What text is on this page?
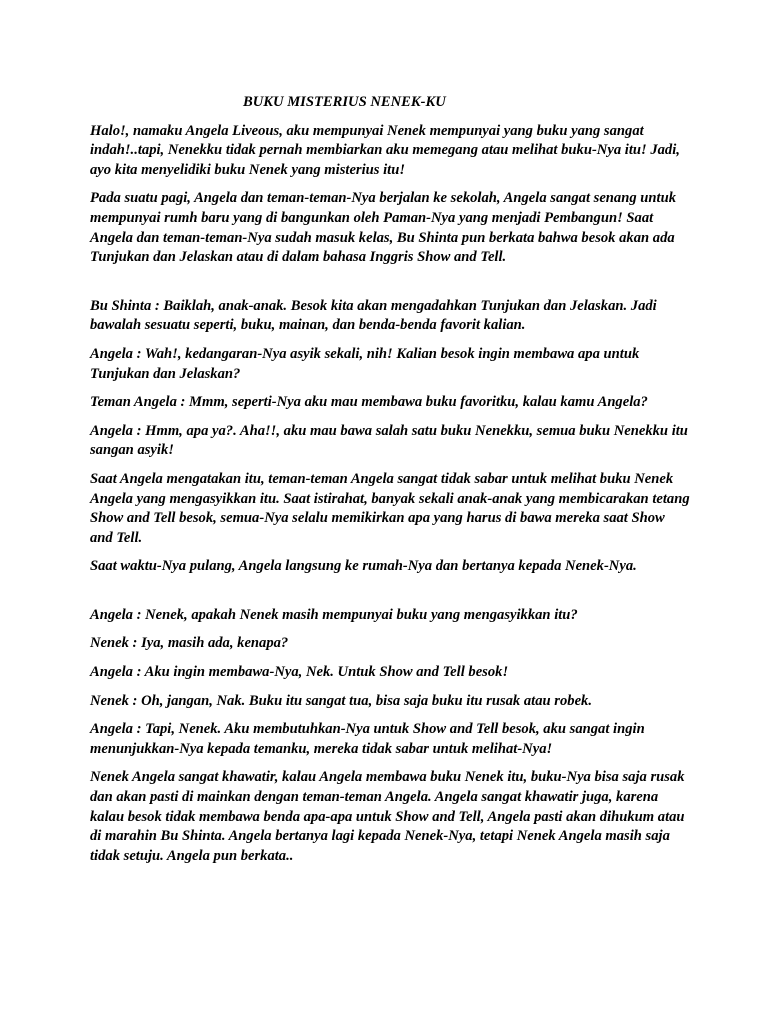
BUKU MISTERIUS NENEK-KU

Halo!, namaku Angela Liveous, aku mempunyai Nenek mempunyai yang buku yang sangat indah!..tapi, Nenekku tidak pernah membiarkan aku memegang atau melihat buku-Nya itu! Jadi, ayo kita menyelidiki buku Nenek yang misterius itu!

Pada suatu pagi, Angela dan teman-teman-Nya berjalan ke sekolah, Angela sangat senang untuk mempunyai rumh baru yang di bangunkan oleh Paman-Nya yang menjadi Pembangun! Saat Angela dan teman-teman-Nya sudah masuk kelas, Bu Shinta pun berkata bahwa besok akan ada Tunjukan dan Jelaskan atau di dalam bahasa Inggris Show and Tell.

Bu Shinta : Baiklah, anak-anak. Besok kita akan mengadahkan Tunjukan dan Jelaskan. Jadi bawalah sesuatu seperti, buku, mainan, dan benda-benda favorit kalian.

Angela : Wah!, kedangaran-Nya asyik sekali, nih! Kalian besok ingin membawa apa untuk Tunjukan dan Jelaskan?

Teman Angela : Mmm, seperti-Nya aku mau membawa buku favoritku, kalau kamu Angela?

Angela : Hmm, apa ya?. Aha!!, aku mau bawa salah satu buku Nenekku, semua buku Nenekku itu sangan asyik!

Saat Angela mengatakan itu, teman-teman Angela sangat tidak sabar untuk melihat buku Nenek Angela yang mengasyikkan itu. Saat istirahat, banyak sekali anak-anak yang membicarakan tetang Show and Tell besok, semua-Nya selalu memikirkan apa yang harus di bawa mereka saat Show and Tell.

Saat waktu-Nya pulang, Angela langsung ke rumah-Nya dan bertanya kepada Nenek-Nya.

Angela : Nenek, apakah Nenek masih mempunyai buku yang mengasyikkan itu?

Nenek : Iya, masih ada, kenapa?

Angela : Aku ingin membawa-Nya, Nek. Untuk Show and Tell besok!

Nenek : Oh, jangan, Nak. Buku itu sangat tua, bisa saja buku itu rusak atau robek.

Angela : Tapi, Nenek. Aku membutuhkan-Nya untuk Show and Tell besok, aku sangat ingin menunjukkan-Nya kepada temanku, mereka tidak sabar untuk melihat-Nya!

Nenek Angela sangat khawatir, kalau Angela membawa buku Nenek itu, buku-Nya bisa saja rusak dan akan pasti di mainkan dengan teman-teman Angela. Angela sangat khawatir juga, karena kalau besok tidak membawa benda apa-apa untuk Show and Tell, Angela pasti akan dihukum atau di marahin Bu Shinta. Angela bertanya lagi kepada Nenek-Nya, tetapi Nenek Angela masih saja tidak setuju. Angela pun berkata..
